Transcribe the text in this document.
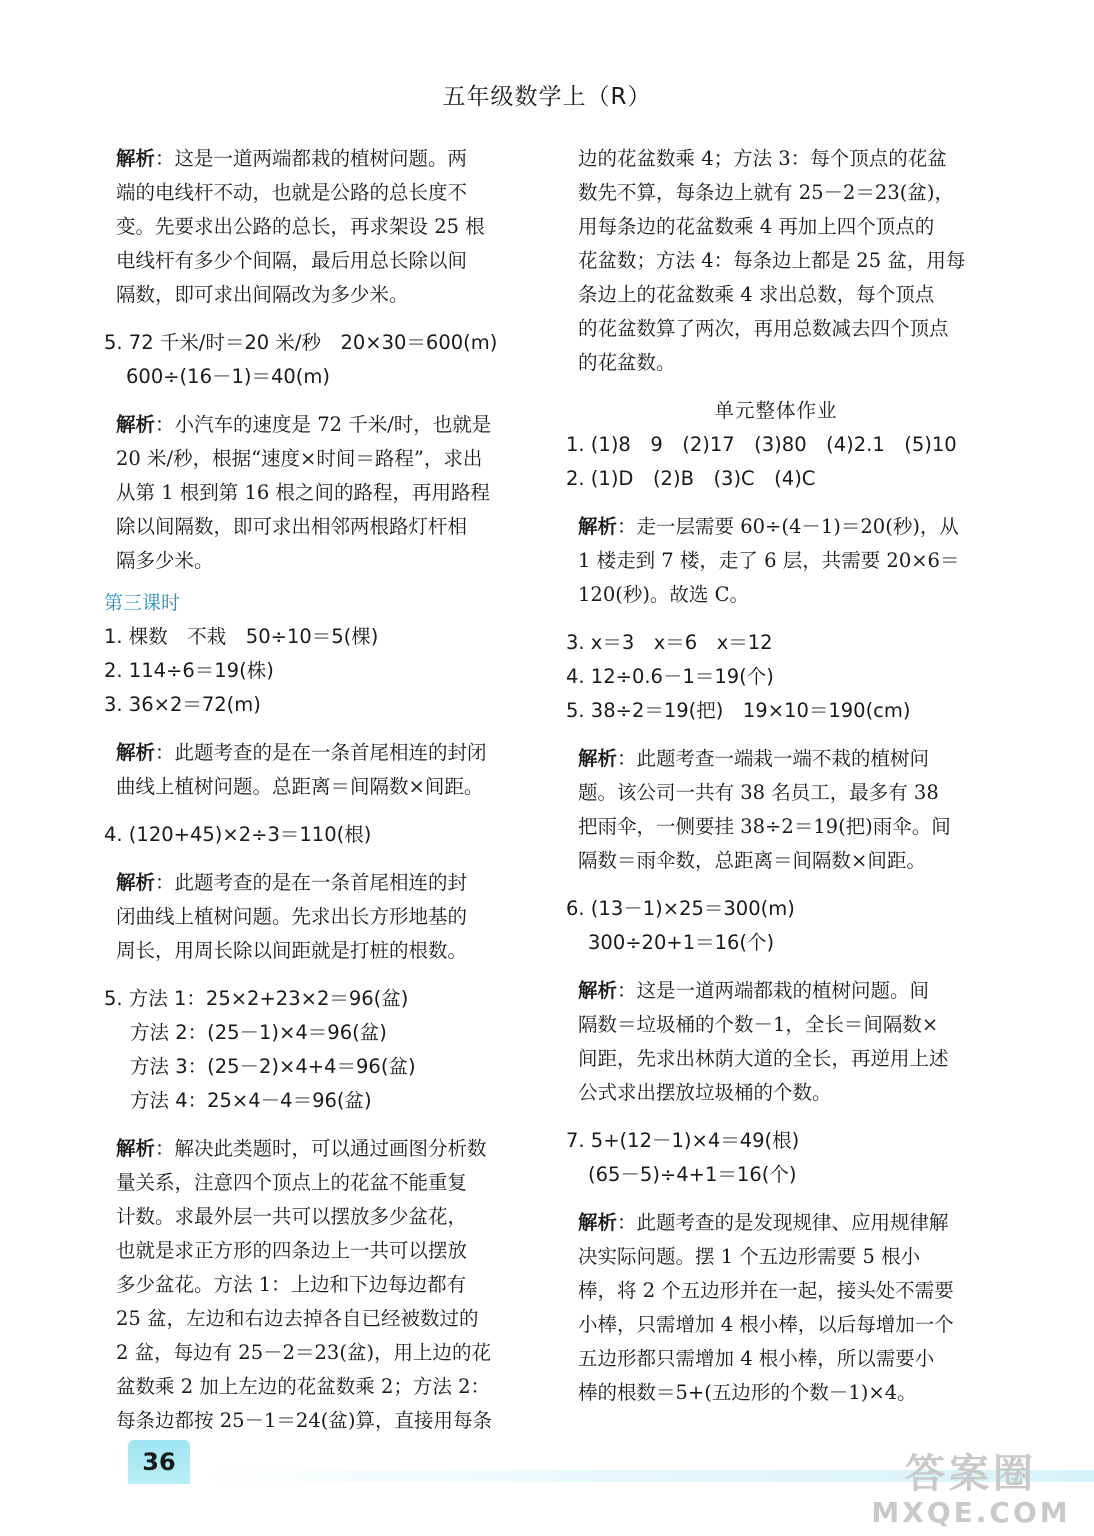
五年级数学上（R）
解析：这是一道两端都栽的植树问题。两
端的电线杆不动，也就是公路的总长度不
变。先要求出公路的总长，再求架设 25 根
电线杆有多少个间隔，最后用总长除以间
隔数，即可求出间隔改为多少米。
5. 72 千米/时＝20 米/秒　20×30＝600(m)
600÷(16－1)＝40(m)
解析：小汽车的速度是 72 千米/时，也就是
20 米/秒，根据“速度×时间＝路程”，求出
从第 1 根到第 16 根之间的路程，再用路程
除以间隔数，即可求出相邻两根路灯杆相
隔多少米。
第三课时
1. 棵数　不栽　50÷10＝5(棵)
2. 114÷6＝19(株)
3. 36×2＝72(m)
解析：此题考查的是在一条首尾相连的封闭
曲线上植树问题。总距离＝间隔数×间距。
4. (120+45)×2÷3＝110(根)
解析：此题考查的是在一条首尾相连的封
闭曲线上植树问题。先求出长方形地基的
周长，用周长除以间距就是打桩的根数。
5. 方法 1：25×2+23×2＝96(盆)
方法 2：(25－1)×4＝96(盆)
方法 3：(25－2)×4+4＝96(盆)
方法 4：25×4－4＝96(盆)
解析：解决此类题时，可以通过画图分析数
量关系，注意四个顶点上的花盆不能重复
计数。求最外层一共可以摆放多少盆花，
也就是求正方形的四条边上一共可以摆放
多少盆花。方法 1：上边和下边每边都有
25 盆，左边和右边去掉各自已经被数过的
2 盆，每边有 25－2＝23(盆)，用上边的花
盆数乘 2 加上左边的花盆数乘 2；方法 2：
每条边都按 25－1＝24(盆)算，直接用每条
边的花盆数乘 4；方法 3：每个顶点的花盆
数先不算，每条边上就有 25－2＝23(盆)，
用每条边的花盆数乘 4 再加上四个顶点的
花盆数；方法 4：每条边上都是 25 盆，用每
条边上的花盆数乘 4 求出总数，每个顶点
的花盆数算了两次，再用总数减去四个顶点
的花盆数。
单元整体作业
1. (1)8　9　(2)17　(3)80　(4)2.1　(5)10
2. (1)D　(2)B　(3)C　(4)C
解析：走一层需要 60÷(4－1)＝20(秒)，从
1 楼走到 7 楼，走了 6 层，共需要 20×6＝
120(秒)。故选 C。
3. x＝3　x＝6　x＝12
4. 12÷0.6－1＝19(个)
5. 38÷2＝19(把)　19×10＝190(cm)
解析：此题考查一端栽一端不栽的植树问
题。该公司一共有 38 名员工，最多有 38
把雨伞，一侧要挂 38÷2＝19(把)雨伞。间
隔数＝雨伞数，总距离＝间隔数×间距。
6. (13－1)×25＝300(m)
300÷20+1＝16(个)
解析：这是一道两端都栽的植树问题。间
隔数＝垃圾桶的个数－1，全长＝间隔数×
间距，先求出林荫大道的全长，再逆用上述
公式求出摆放垃圾桶的个数。
7. 5+(12－1)×4＝49(根)
(65－5)÷4+1＝16(个)
解析：此题考查的是发现规律、应用规律解
决实际问题。摆 1 个五边形需要 5 根小
棒，将 2 个五边形并在一起，接头处不需要
小棒，只需增加 4 根小棒，以后每增加一个
五边形都只需增加 4 根小棒，所以需要小
棒的根数＝5+(五边形的个数－1)×4。
36	答案圈
MXQE.COM
